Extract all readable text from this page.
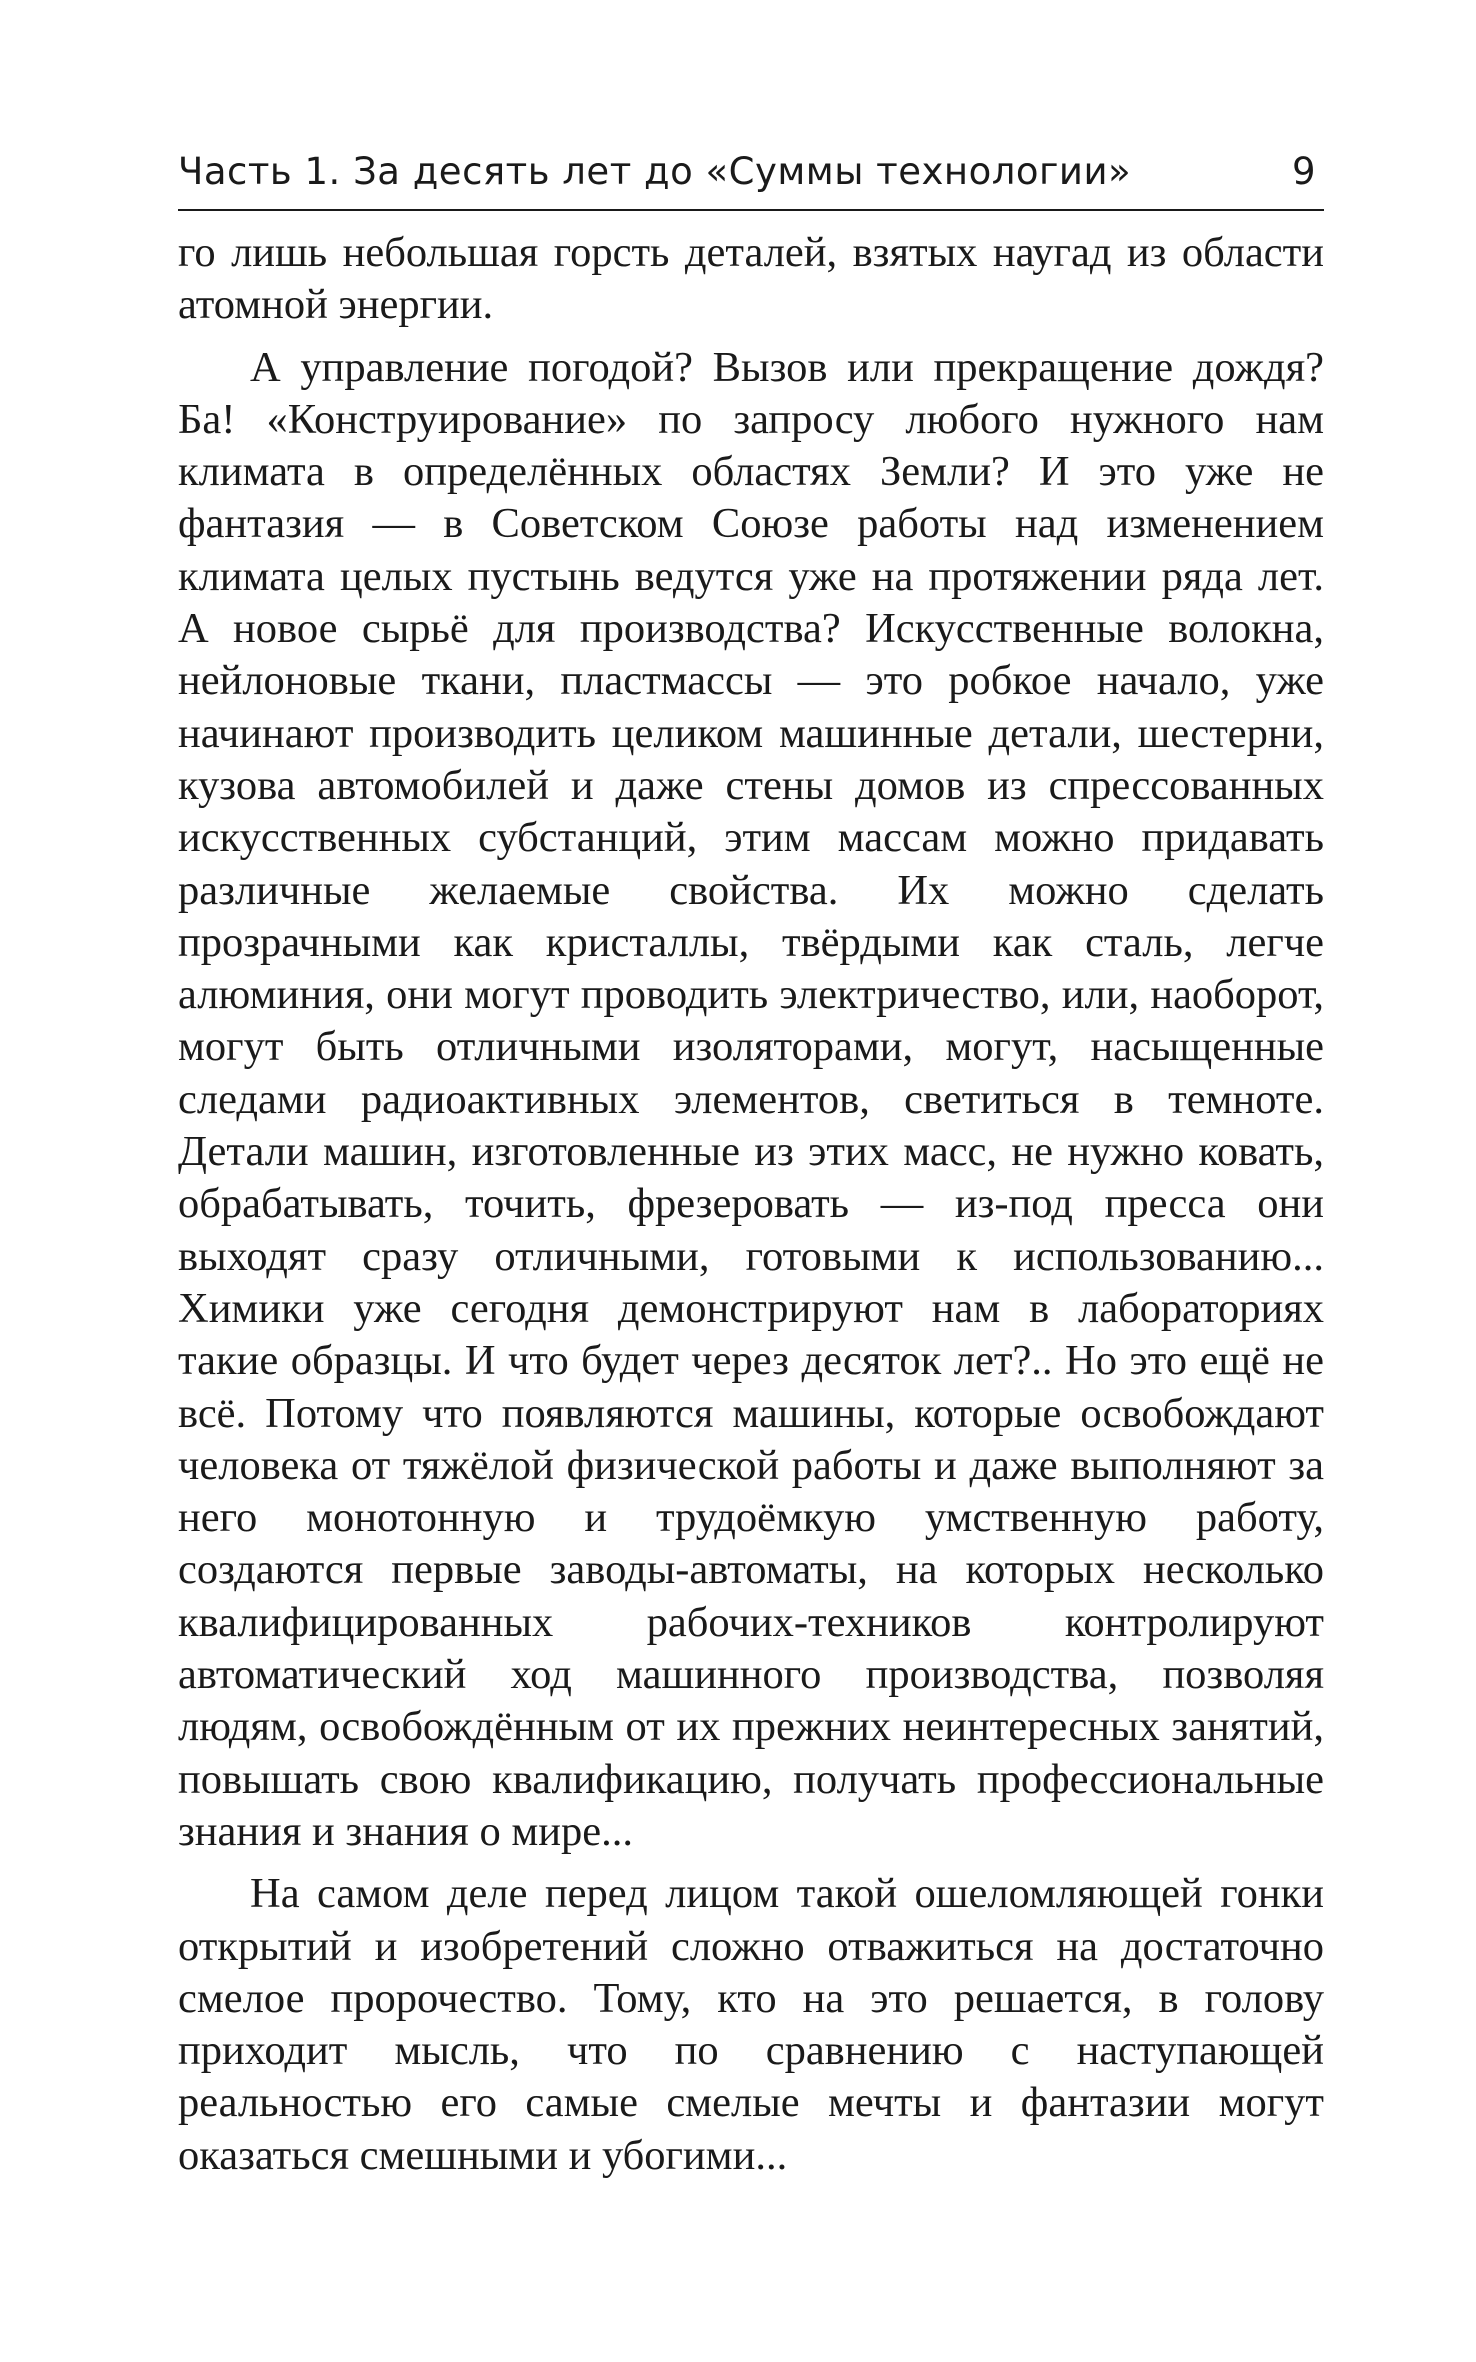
Часть 1. За десять лет до «Суммы технологии»	9

го лишь небольшая горсть деталей, взятых наугад из области атомной энергии.

А управление погодой? Вызов или прекращение дождя? Ба! «Конструирование» по запросу любого нужного нам климата в определённых областях Земли? И это уже не фантазия — в Советском Союзе работы над изменением климата целых пустынь ведутся уже на протяжении ряда лет. А новое сырьё для производства? Искусственные волокна, нейлоновые ткани, пластмассы — это робкое начало, уже начинают производить целиком машинные детали, шестерни, кузова автомобилей и даже стены домов из спрессованных искусственных субстанций, этим массам можно придавать различные желаемые свойства. Их можно сделать прозрачными как кристаллы, твёрдыми как сталь, легче алюминия, они могут проводить электричество, или, наоборот, могут быть отличными изоляторами, могут, насыщенные следами радиоактивных элементов, светиться в темноте. Детали машин, изготовленные из этих масс, не нужно ковать, обрабатывать, точить, фрезеровать — из-под пресса они выходят сразу отличными, готовыми к использованию... Химики уже сегодня демонстрируют нам в лабораториях такие образцы. И что будет через десяток лет?.. Но это ещё не всё. Потому что появляются машины, которые освобождают человека от тяжёлой физической работы и даже выполняют за него монотонную и трудоёмкую умственную работу, создаются первые заводы-автоматы, на которых несколько квалифицированных рабочих-техников контролируют автоматический ход машинного производства, позволяя людям, освобождённым от их прежних неинтересных занятий, повышать свою квалификацию, получать профессиональные знания и знания о мире...

На самом деле перед лицом такой ошеломляющей гонки открытий и изобретений сложно отважиться на достаточно смелое пророчество. Тому, кто на это решается, в голову приходит мысль, что по сравнению с наступающей реальностью его самые смелые мечты и фантазии могут оказаться смешными и убогими...
